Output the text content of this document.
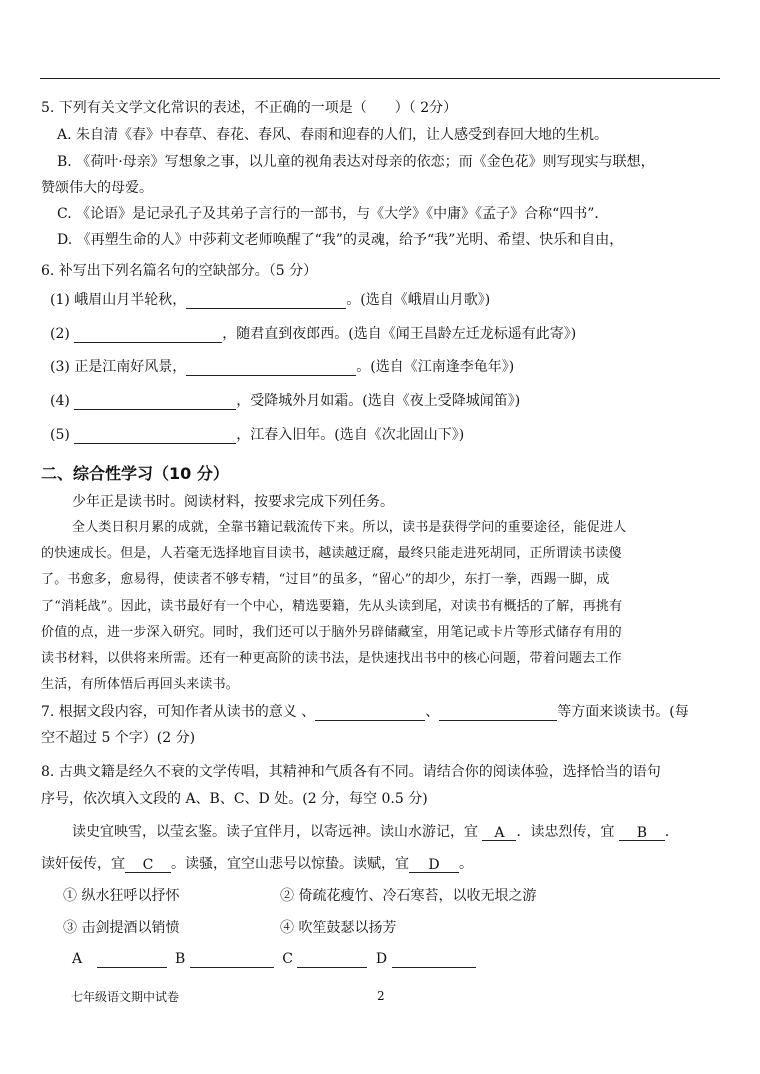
5. 下列有关文学文化常识的表述，不正确的一项是（　　）（ 2分）
A. 朱自清《春》中春草、春花、春风、春雨和迎春的人们，让人感受到春回大地的生机。
B. 《荷叶·母亲》写想象之事，以儿童的视角表达对母亲的依恋；而《金色花》则写现实与联想，
赞颂伟大的母爱。
C. 《论语》是记录孔子及其弟子言行的一部书，与《大学》《中庸》《孟子》合称“四书”．
D. 《再塑生命的人》中莎莉文老师唤醒了“我”的灵魂，给予“我”光明、希望、快乐和自由，
6. 补写出下列名篇名句的空缺部分。（5 分）
(1) 峨眉山月半轮秋，	。(选自《峨眉山月歌》)
(2)	，随君直到夜郎西。(选自《闻王昌龄左迁龙标遥有此寄》)
(3) 正是江南好风景，	。(选自《江南逢李龟年》)
(4)	，受降城外月如霜。(选自《夜上受降城闻笛》)
(5)	，江春入旧年。(选自《次北固山下》)
二、综合性学习（10 分）
少年正是读书时。阅读材料，按要求完成下列任务。
全人类日积月累的成就，全靠书籍记载流传下来。所以，读书是获得学问的重要途径，能促进人
的快速成长。但是，人若毫无选择地盲目读书，越读越迂腐，最终只能走进死胡同，正所谓读书读傻
了。书愈多，愈易得，使读者不够专精，“过目”的虽多，“留心”的却少，东打一拳，西踢一脚，成
了“消耗战”。因此，读书最好有一个中心，精选要籍，先从头读到尾，对读书有概括的了解，再挑有
价值的点，进一步深入研究。同时，我们还可以于脑外另辟储藏室，用笔记或卡片等形式储存有用的
读书材料，以供将来所需。还有一种更高阶的读书法，是快速找出书中的核心问题，带着问题去工作
生活，有所体悟后再回头来读书。
7. 根据文段内容，可知作者从读书的意义 、	、	等方面来谈读书。(每
空不超过 5 个字）(2 分)
8. 古典文籍是经久不衰的文学传唱，其精神和气质各有不同。请结合你的阅读体验，选择恰当的语句
序号，依次填入文段的 A、B、C、D 处。(2 分，每空 0.5 分)
读史宜映雪，以莹玄鉴。读子宜伴月，以寄远神。读山水游记，宜 A ．读忠烈传，宜 B ．
读奸佞传，宜 C 。读骚，宜空山悲号以惊蛰。读赋，宜 D 。
① 纵水狂呼以抒怀	② 倚疏花瘦竹、冷石寒苔，以收无垠之游
③ 击剑提酒以销愤	④ 吹笙鼓瑟以扬芳
A	B	C	D
七年级语文期中试卷	2
